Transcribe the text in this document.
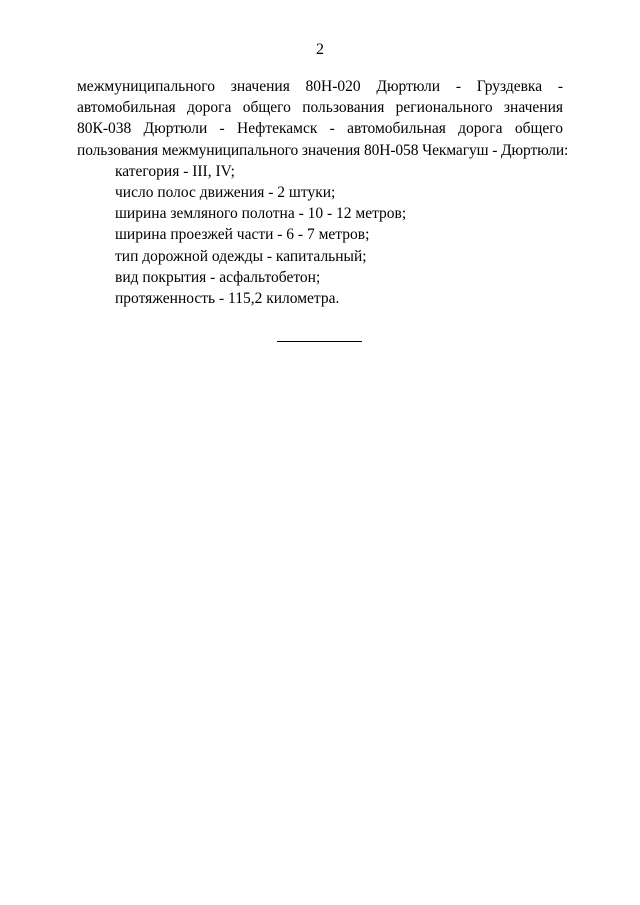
2
межмуниципального значения 80Н-020 Дюртюли - Груздевка -
автомобильная дорога общего пользования регионального значения
80К-038 Дюртюли - Нефтекамск - автомобильная дорога общего
пользования межмуниципального значения 80Н-058 Чекмагуш - Дюртюли:
категория - III, IV;
число полос движения - 2 штуки;
ширина земляного полотна - 10 - 12 метров;
ширина проезжей части - 6 - 7 метров;
тип дорожной одежды - капитальный;
вид покрытия - асфальтобетон;
протяженность - 115,2 километра.
